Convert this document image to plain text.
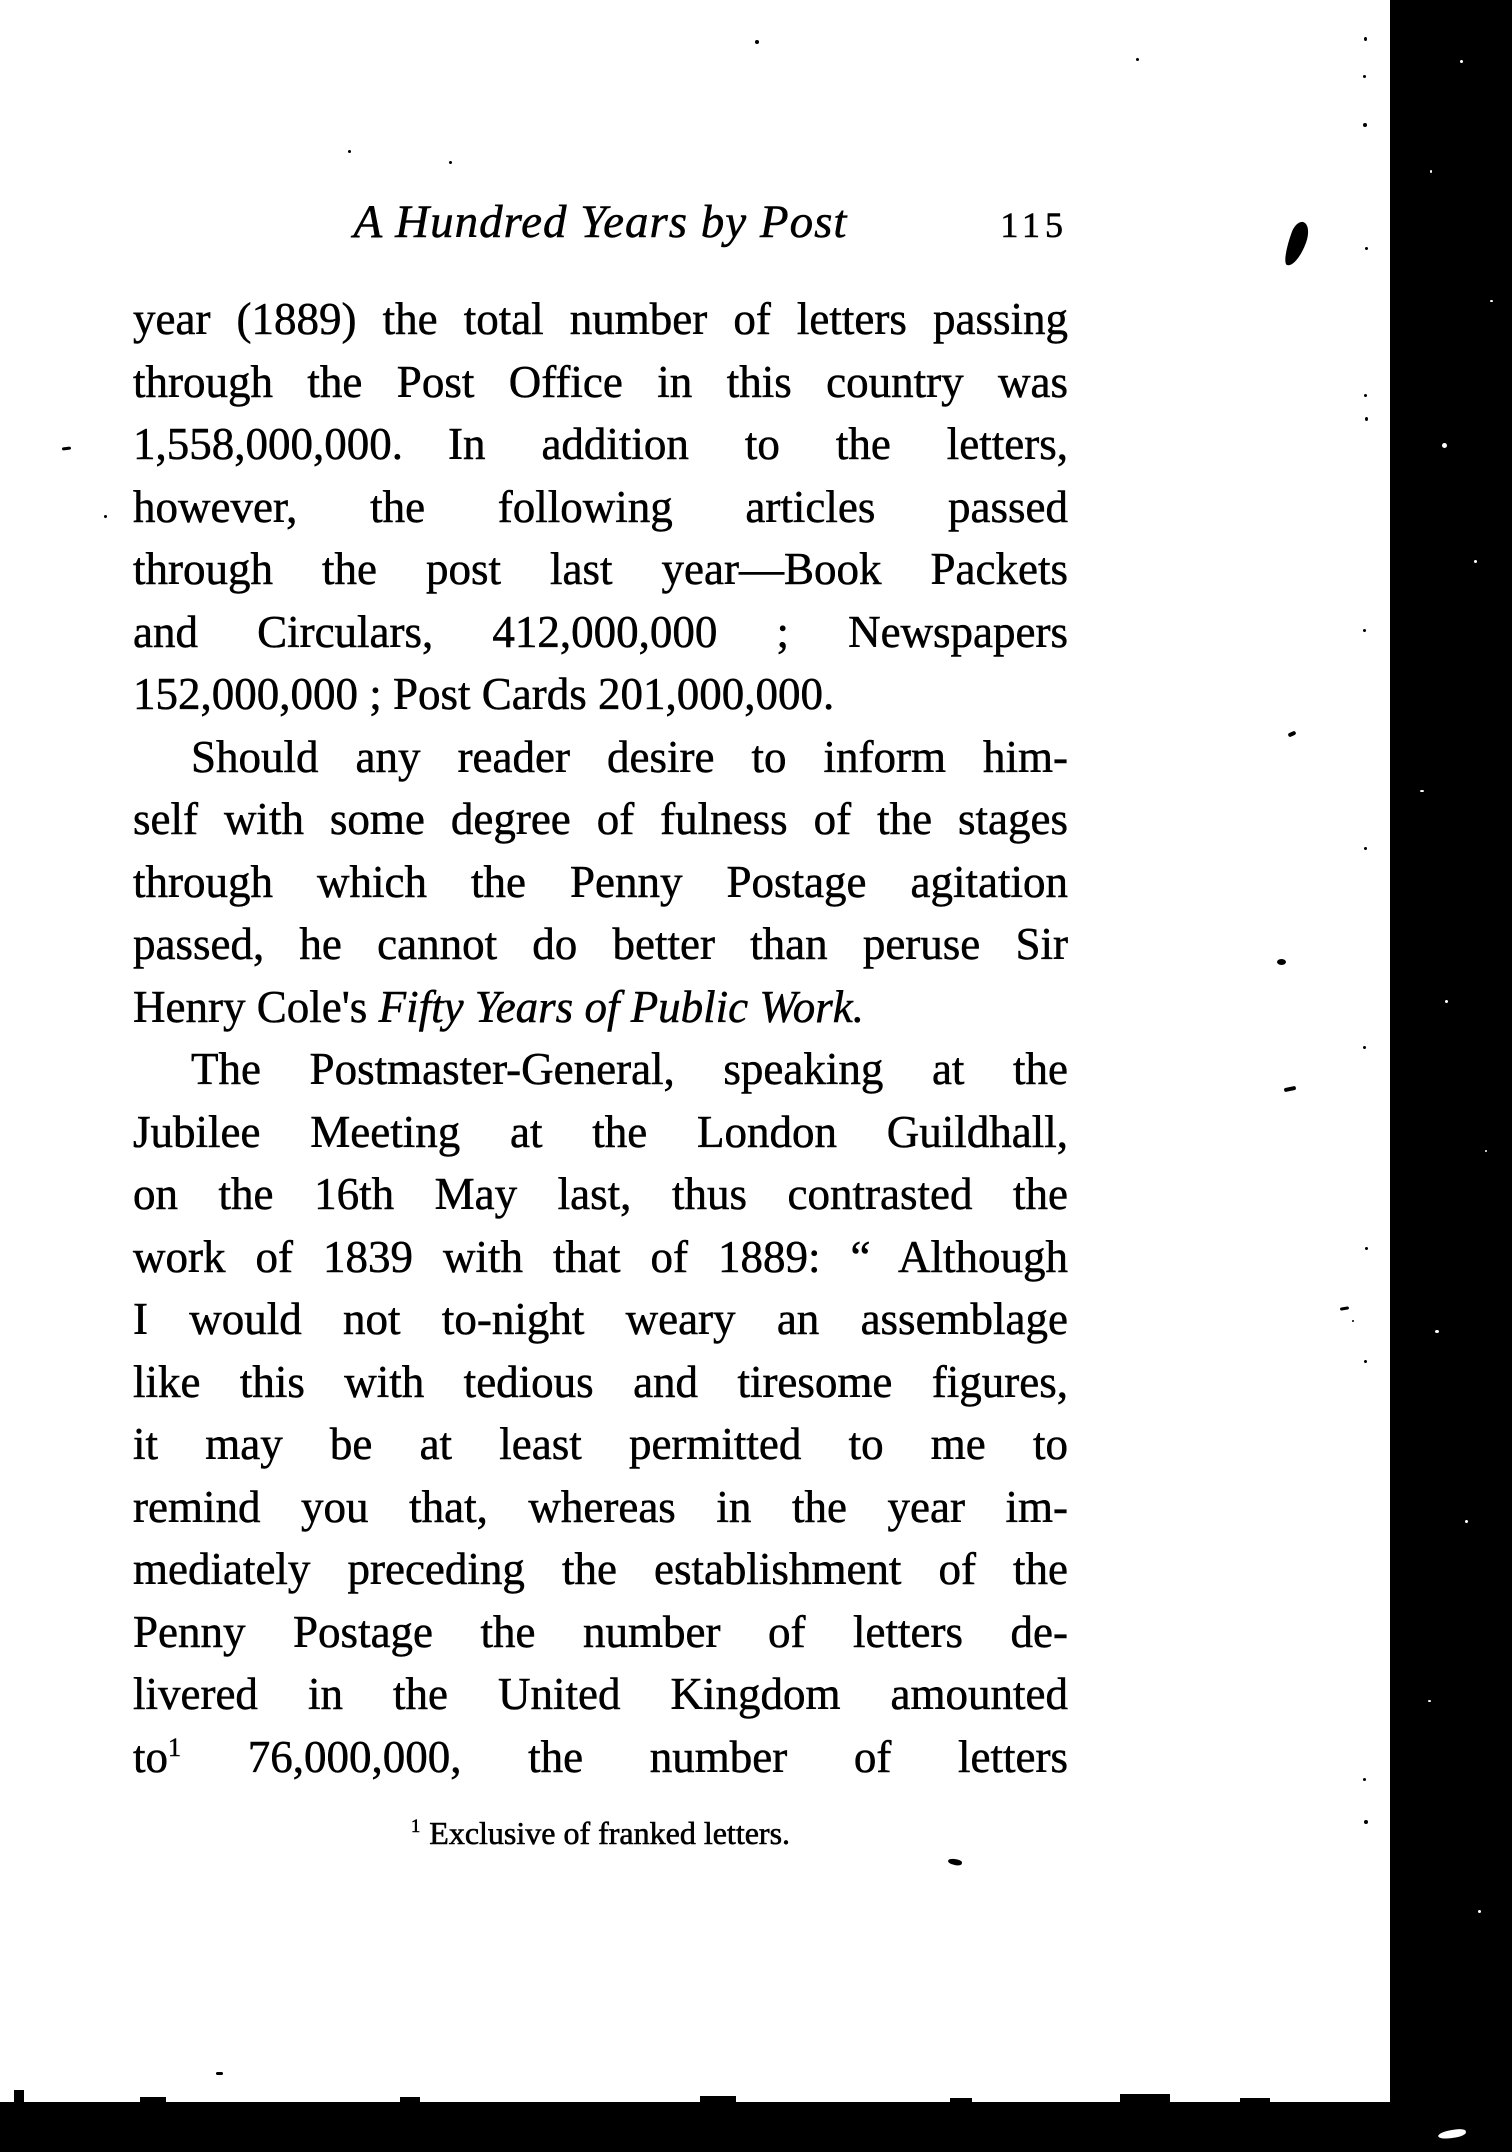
A Hundred Years by Post	115
year (1889) the total number of letters passing
through the Post Office in this country was
1,558,000,000. In addition to the letters,
however, the following articles passed
through the post last year—Book Packets
and Circulars, 412,000,000 ; Newspapers
152,000,000 ; Post Cards 201,000,000.
Should any reader desire to inform him-
self with some degree of fulness of the stages
through which the Penny Postage agitation
passed, he cannot do better than peruse Sir
Henry Cole's Fifty Years of Public Work.
The Postmaster-General, speaking at the
Jubilee Meeting at the London Guildhall,
on the 16th May last, thus contrasted the
work of 1839 with that of 1889: “ Although
I would not to-night weary an assemblage
like this with tedious and tiresome figures,
it may be at least permitted to me to
remind you that, whereas in the year im-
mediately preceding the establishment of the
Penny Postage the number of letters de-
livered in the United Kingdom amounted
$to^1$ 76,000,000, the number of letters
$^1$ Exclusive of franked letters.
